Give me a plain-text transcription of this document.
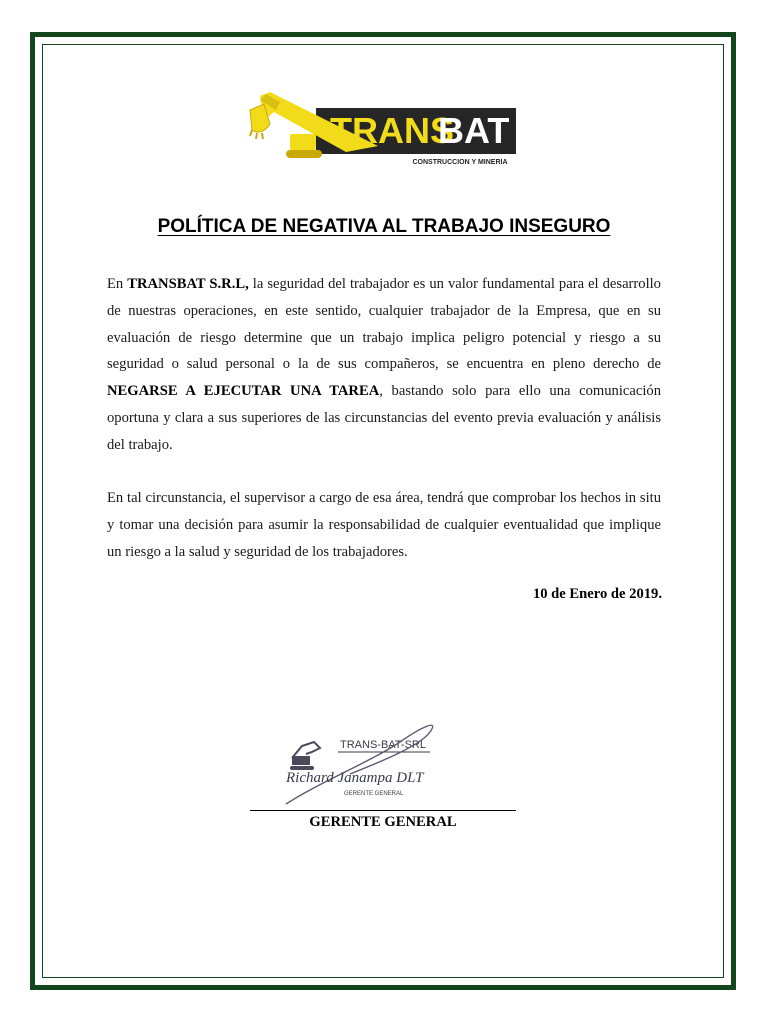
TRANS
BAT
CONSTRUCCION Y MINERIA
POLÍTICA DE NEGATIVA AL TRABAJO INSEGURO

En TRANSBAT S.R.L, la seguridad del trabajador es un valor fundamental para el desarrollo de nuestras operaciones, en este sentido, cualquier trabajador de la Empresa, que en su evaluación de riesgo determine que un trabajo implica peligro potencial y riesgo a su seguridad o salud personal o la de sus compañeros, se encuentra en pleno derecho de NEGARSE A EJECUTAR UNA TAREA, bastando solo para ello una comunicación oportuna y clara a sus superiores de las circunstancias del evento previa evaluación y análisis del trabajo.

En tal circunstancia, el supervisor a cargo de esa área, tendrá que comprobar los hechos in situ y tomar una decisión para asumir la responsabilidad de cualquier eventualidad que implique un riesgo a la salud y seguridad de los trabajadores.

10 de Enero de 2019.
TRANS-BAT-SRL
Richard Janampa DLT
GERENTE GENERAL
GERENTE GENERAL
